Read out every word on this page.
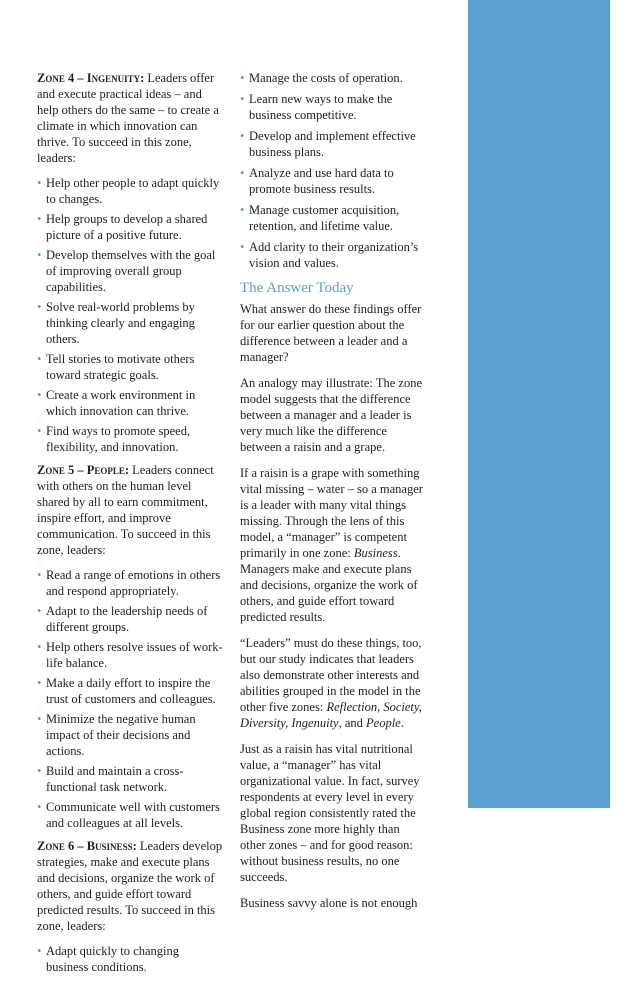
Zone 4 – Ingenuity: Leaders offer and execute practical ideas – and help others do the same – to create a climate in which innovation can thrive. To succeed in this zone, leaders:

• Help other people to adapt quickly to changes.
• Help groups to develop a shared picture of a positive future.
• Develop themselves with the goal of improving overall group capabilities.
• Solve real-world problems by thinking clearly and engaging others.
• Tell stories to motivate others toward strategic goals.
• Create a work environment in which innovation can thrive.
• Find ways to promote speed, flexibility, and innovation.

Zone 5 – People: Leaders connect with others on the human level shared by all to earn commitment, inspire effort, and improve communication. To succeed in this zone, leaders:

• Read a range of emotions in others and respond appropriately.
• Adapt to the leadership needs of different groups.
• Help others resolve issues of work-life balance.
• Make a daily effort to inspire the trust of customers and colleagues.
• Minimize the negative human impact of their decisions and actions.
• Build and maintain a cross-functional task network.
• Communicate well with customers and colleagues at all levels.

Zone 6 – Business: Leaders develop strategies, make and execute plans and decisions, organize the work of others, and guide effort toward predicted results. To succeed in this zone, leaders:

• Adapt quickly to changing business conditions.
• Manage the costs of operation.
• Learn new ways to make the business competitive.
• Develop and implement effective business plans.
• Analyze and use hard data to promote business results.
• Manage customer acquisition, retention, and lifetime value.
• Add clarity to their organization’s vision and values.
The Answer Today

What answer do these findings offer for our earlier question about the difference between a leader and a manager?

An analogy may illustrate: The zone model suggests that the difference between a manager and a leader is very much like the difference between a raisin and a grape.

If a raisin is a grape with something vital missing – water – so a manager is a leader with many vital things missing. Through the lens of this model, a “manager” is competent primarily in one zone: Business. Managers make and execute plans and decisions, organize the work of others, and guide effort toward predicted results.

“Leaders” must do these things, too, but our study indicates that leaders also demonstrate other interests and abilities grouped in the model in the other five zones: Reflection, Society, Diversity, Ingenuity, and People.

Just as a raisin has vital nutritional value, a “manager” has vital organizational value. In fact, survey respondents at every level in every global region consistently rated the Business zone more highly than other zones – and for good reason: without business results, no one succeeds.

Business savvy alone is not enough
